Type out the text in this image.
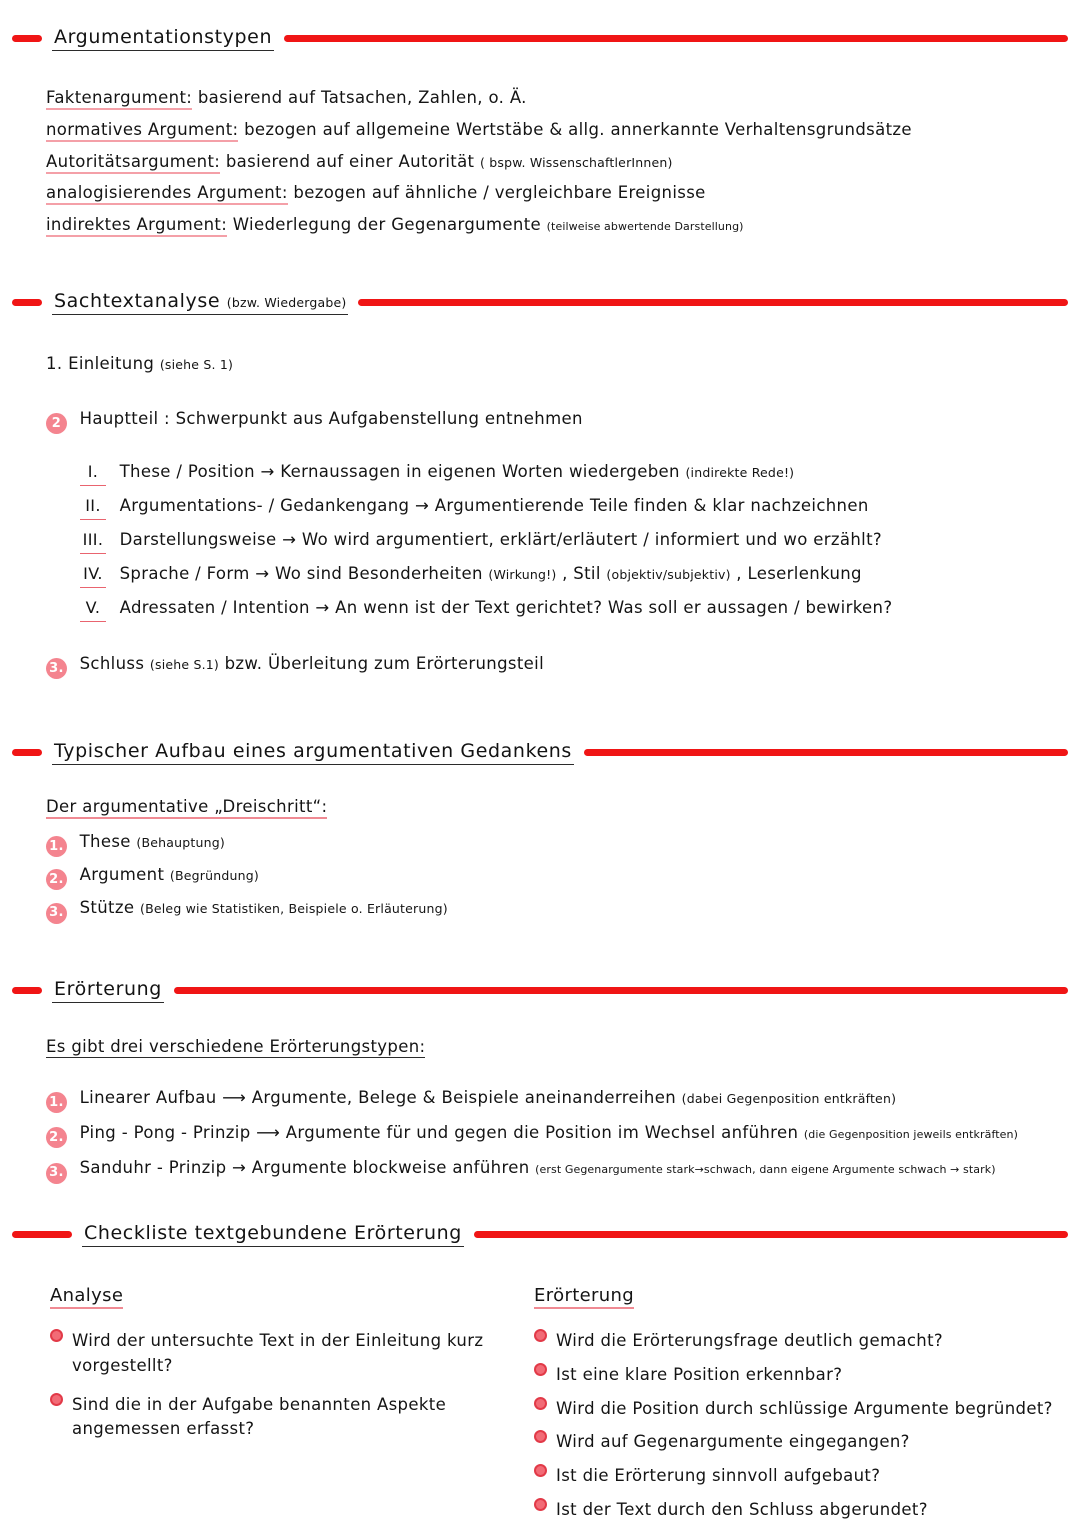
Argumentationstypen
Faktenargument: basierend auf Tatsachen, Zahlen, o. Ä.
normatives Argument: bezogen auf allgemeine Wertstäbe & allg. annerkannte Verhaltensgrundsätze
Autoritätsargument: basierend auf einer Autorität ( bspw. WissenschaftlerInnen)
analogisierendes Argument: bezogen auf ähnliche / vergleichbare Ereignisse
indirektes Argument: Wiederlegung der Gegenargumente (teilweise abwertende Darstellung)
Sachtextanalyse (bzw. Wiedergabe)
1. Einleitung (siehe S. 1)
2 Hauptteil : Schwerpunkt aus Aufgabenstellung entnehmen
I. These / Position → Kernaussagen in eigenen Worten wiedergeben (indirekte Rede!)
II. Argumentations- / Gedankengang → Argumentierende Teile finden & klar nachzeichnen
III. Darstellungsweise → Wo wird argumentiert, erklärt/erläutert / informiert und wo erzählt?
IV. Sprache / Form → Wo sind Besonderheiten (Wirkung!) , Stil (objektiv/subjektiv) , Leserlenkung
V. Adressaten / Intention → An wenn ist der Text gerichtet? Was soll er aussagen / bewirken?
3. Schluss (siehe S.1) bzw. Überleitung zum Erörterungsteil
Typischer Aufbau eines argumentativen Gedankens
Der argumentative „Dreischritt“:
1. These (Behauptung)
2. Argument (Begründung)
3. Stütze (Beleg wie Statistiken, Beispiele o. Erläuterung)
Erörterung
Es gibt drei verschiedene Erörterungstypen:
1. Linearer Aufbau ⟶ Argumente, Belege & Beispiele aneinanderreihen (dabei Gegenposition entkräften)
2. Ping - Pong - Prinzip ⟶ Argumente für und gegen die Position im Wechsel anführen (die Gegenposition jeweils entkräften)
3. Sanduhr - Prinzip → Argumente blockweise anführen (erst Gegenargumente stark→schwach, dann eigene Argumente schwach → stark)
Checkliste textgebundene Erörterung
Analyse
Wird der untersuchte Text in der Einleitung kurz vorgestellt?
Sind die in der Aufgabe benannten Aspekte angemessen erfasst?
Erörterung
Wird die Erörterungsfrage deutlich gemacht?
Ist eine klare Position erkennbar?
Wird die Position durch schlüssige Argumente begründet?
Wird auf Gegenargumente eingegangen?
Ist die Erörterung sinnvoll aufgebaut?
Ist der Text durch den Schluss abgerundet?
